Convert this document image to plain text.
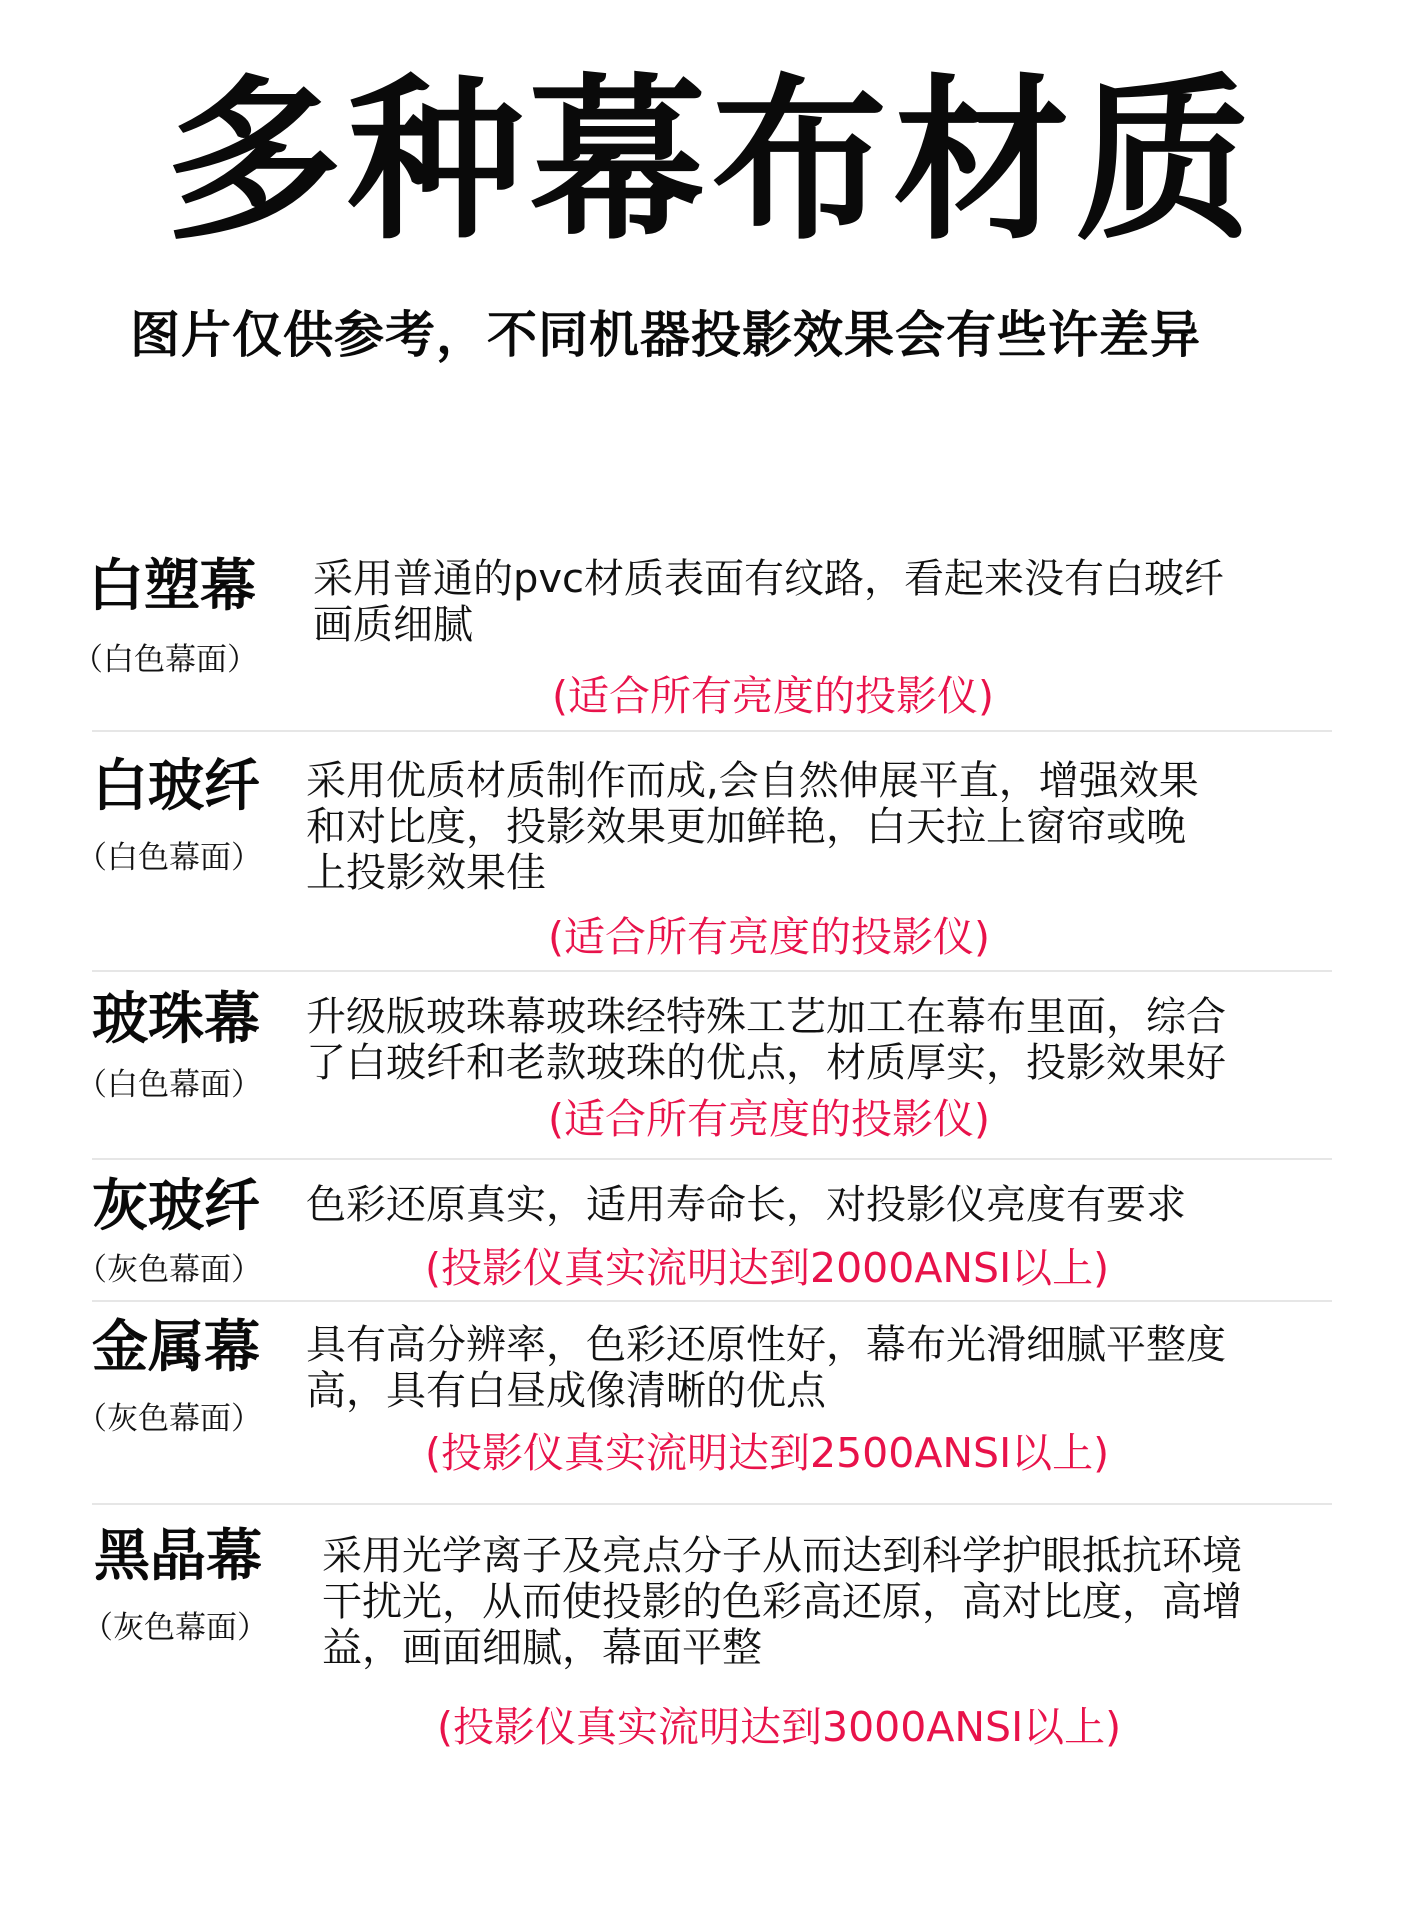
多种幕布材质
图片仅供参考，不同机器投影效果会有些许差异
白塑幕
（白色幕面）
采用普通的pvc材质表面有纹路，看起来没有白玻纤
画质细腻
(适合所有亮度的投影仪)
白玻纤
（白色幕面）
采用优质材质制作而成,会自然伸展平直，增强效果
和对比度，投影效果更加鲜艳，白天拉上窗帘或晚
上投影效果佳
(适合所有亮度的投影仪)
玻珠幕
（白色幕面）
升级版玻珠幕玻珠经特殊工艺加工在幕布里面，综合
了白玻纤和老款玻珠的优点，材质厚实，投影效果好
(适合所有亮度的投影仪)
灰玻纤
（灰色幕面）
色彩还原真实，适用寿命长，对投影仪亮度有要求
(投影仪真实流明达到2000ANSI以上)
金属幕
（灰色幕面）
具有高分辨率，色彩还原性好，幕布光滑细腻平整度
高，具有白昼成像清晰的优点
(投影仪真实流明达到2500ANSI以上)
黑晶幕
（灰色幕面）
采用光学离子及亮点分子从而达到科学护眼抵抗环境
干扰光，从而使投影的色彩高还原，高对比度，高增
益，画面细腻，幕面平整
(投影仪真实流明达到3000ANSI以上)
